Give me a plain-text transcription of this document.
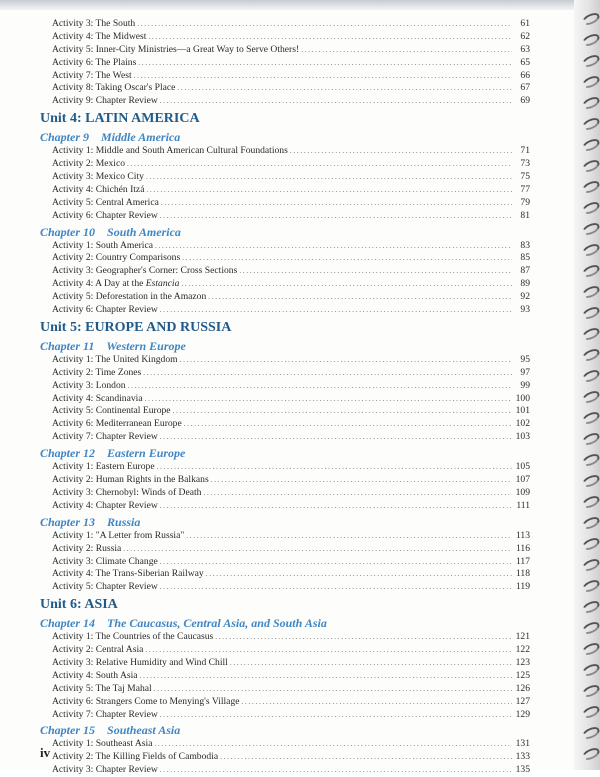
Activity 3: The South . . .	61
Activity 4: The Midwest . . .	62
Activity 5: Inner-City Ministries—a Great Way to Serve Others! . . .	63
Activity 6: The Plains . . .	65
Activity 7: The West . . .	66
Activity 8: Taking Oscar's Place . . .	67
Activity 9: Chapter Review . . .	69
Unit 4: LATIN AMERICA
Chapter 9 Middle America
Activity 1: Middle and South American Cultural Foundations . . .	71
Activity 2: Mexico . . .	73
Activity 3: Mexico City . . .	75
Activity 4: Chichén Itzá . . .	77
Activity 5: Central America . . .	79
Activity 6: Chapter Review . . .	81
Chapter 10 South America
Activity 1: South America . . .	83
Activity 2: Country Comparisons . . .	85
Activity 3: Geographer's Corner: Cross Sections . . .	87
Activity 4: A Day at the Estancia . . .	89
Activity 5: Deforestation in the Amazon . . .	92
Activity 6: Chapter Review . . .	93
Unit 5: EUROPE AND RUSSIA
Chapter 11 Western Europe
Activity 1: The United Kingdom . . .	95
Activity 2: Time Zones . . .	97
Activity 3: London . . .	99
Activity 4: Scandinavia . . .	100
Activity 5: Continental Europe . . .	101
Activity 6: Mediterranean Europe . . .	102
Activity 7: Chapter Review . . .	103
Chapter 12 Eastern Europe
Activity 1: Eastern Europe . . .	105
Activity 2: Human Rights in the Balkans . . .	107
Activity 3: Chernobyl: Winds of Death . . .	109
Activity 4: Chapter Review . . .	111
Chapter 13 Russia
Activity 1: "A Letter from Russia" . . .	113
Activity 2: Russia . . .	116
Activity 3: Climate Change . . .	117
Activity 4: The Trans-Siberian Railway . . .	118
Activity 5: Chapter Review . . .	119
Unit 6: ASIA
Chapter 14 The Caucasus, Central Asia, and South Asia
Activity 1: The Countries of the Caucasus . . .	121
Activity 2: Central Asia . . .	122
Activity 3: Relative Humidity and Wind Chill . . .	123
Activity 4: South Asia . . .	125
Activity 5: The Taj Mahal . . .	126
Activity 6: Strangers Come to Menying's Village . . .	127
Activity 7: Chapter Review . . .	129
Chapter 15 Southeast Asia
Activity 1: Southeast Asia . . .	131
Activity 2: The Killing Fields of Cambodia . . .	133
Activity 3: Chapter Review . . .	135
iv
